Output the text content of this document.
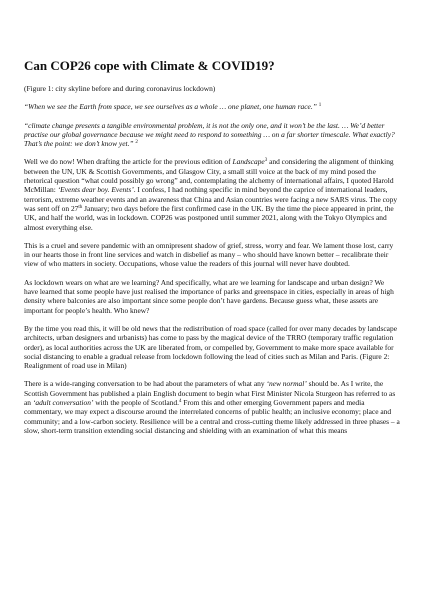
Can COP26 cope with Climate & COVID19?

(Figure 1: city skyline before and during coronavirus lockdown)

“When we see the Earth from space, we see ourselves as a whole … one planet, one human race.” $^1$

“climate change presents a tangible environmental problem, it is not the only one, and it won’t be the last. … We’d better practise our global governance because we might need to respond to something … on a far shorter timescale. What exactly? That’s the point: we don’t know yet.” $^2$

Well we do now! When drafting the article for the previous edition of Landscape$^3$ and considering the alignment of thinking between the UN, UK & Scottish Governments, and Glasgow City, a small still voice at the back of my mind posed the rhetorical question “what could possibly go wrong” and, contemplating the alchemy of international affairs, I quoted Harold McMillan: ‘Events dear boy. Events’. I confess, I had nothing specific in mind beyond the caprice of international leaders, terrorism, extreme weather events and an awareness that China and Asian countries were facing a new SARS virus. The copy was sent off on 27th January; two days before the first confirmed case in the UK. By the time the piece appeared in print, the UK, and half the world, was in lockdown. COP26 was postponed until summer 2021, along with the Tokyo Olympics and almost everything else.

This is a cruel and severe pandemic with an omnipresent shadow of grief, stress, worry and fear. We lament those lost, carry in our hearts those in front line services and watch in disbelief as many – who should have known better – recalibrate their view of who matters in society. Occupations, whose value the readers of this journal will never have doubted.

As lockdown wears on what are we learning? And specifically, what are we learning for landscape and urban design? We have learned that some people have just realised the importance of parks and greenspace in cities, especially in areas of high density where balconies are also important since some people don’t have gardens. Because guess what, these assets are important for people’s health. Who knew?

By the time you read this, it will be old news that the redistribution of road space (called for over many decades by landscape architects, urban designers and urbanists) has come to pass by the magical device of the TRRO (temporary traffic regulation order), as local authorities across the UK are liberated from, or compelled by, Government to make more space available for social distancing to enable a gradual release from lockdown following the lead of cities such as Milan and Paris. (Figure 2: Realignment of road use in Milan)

There is a wide-ranging conversation to be had about the parameters of what any ‘new normal’ should be. As I write, the Scottish Government has published a plain English document to begin what First Minister Nicola Sturgeon has referred to as an ‘adult conversation’ with the people of Scotland.$^4$ From this and other emerging Government papers and media commentary, we may expect a discourse around the interrelated concerns of public health; an inclusive economy; place and community; and a low-carbon society. Resilience will be a central and cross-cutting theme likely addressed in three phases – a slow, short-term transition extending social distancing and shielding with an examination of what this means
